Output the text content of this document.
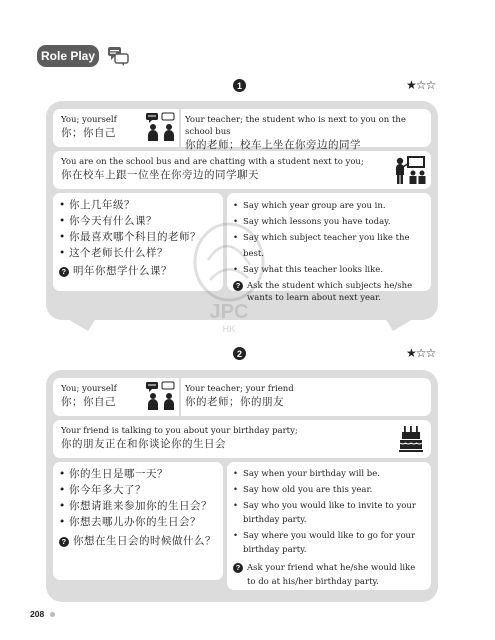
Role Play
1	★☆☆
You; yourself
你；你自己
Your teacher; the student who is next to you on the school bus
你的老师；校车上坐在你旁边的同学
You are on the school bus and are chatting with a student next to you;
你在校车上跟一位坐在你旁边的同学聊天
• 你上几年级？
• 你今天有什么课？
• 你最喜欢哪个科目的老师？
• 这个老师长什么样？
? 明年你想学什么课？
• Say which year group are you in.
• Say which lessons you have today.
• Say which subject teacher you like the best.
• Say what this teacher looks like.
? Ask the student which subjects he/she wants to learn about next year.
2	★☆☆
You; yourself
你；你自己
Your teacher; your friend
你的老师；你的朋友
Your friend is talking to you about your birthday party;
你的朋友正在和你谈论你的生日会
• 你的生日是哪一天？
• 你今年多大了？
• 你想请谁来参加你的生日会？
• 你想去哪儿办你的生日会？
? 你想在生日会的时候做什么？
• Say when your birthday will be.
• Say how old you are this year.
• Say who you would like to invite to your birthday party.
• Say where you would like to go for your birthday party.
? Ask your friend what he/she would like to do at his/her birthday party.
JPC
HK
208
